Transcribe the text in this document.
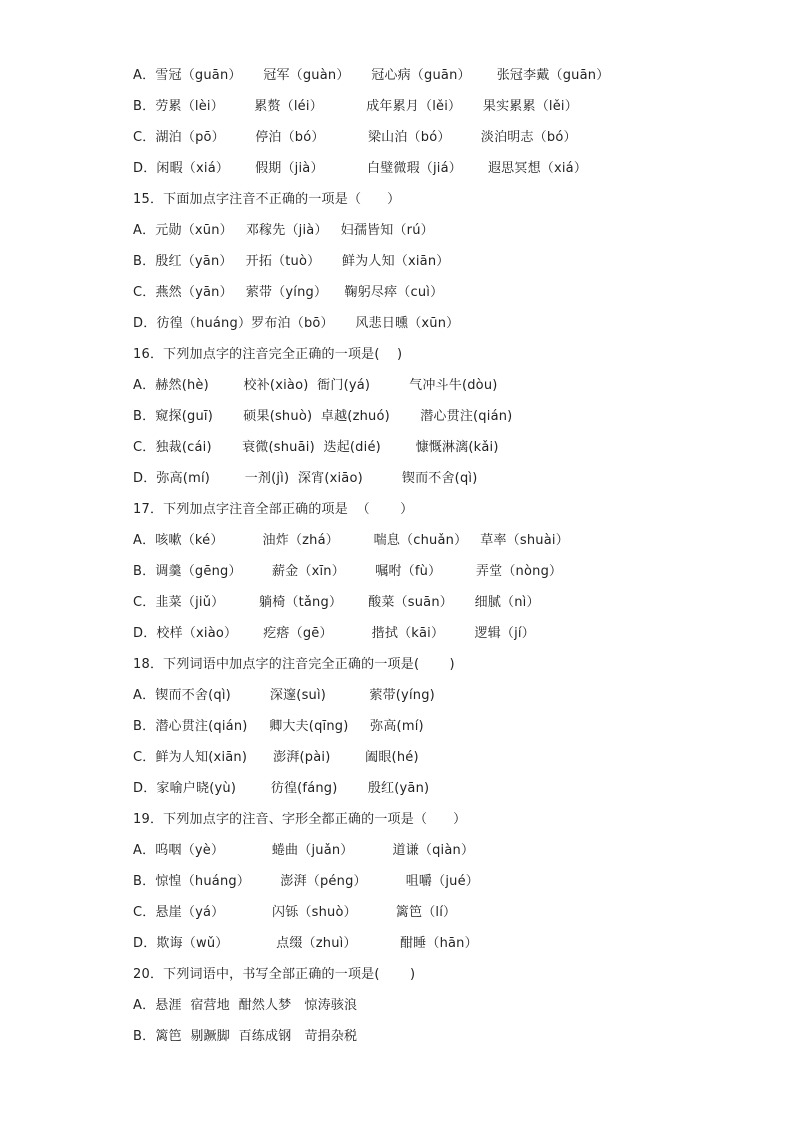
A．雪冠（guān）     冠军（guàn）     冠心病（guān）      张冠李戴（guān）
B．劳累（lèi）       累赘（léi）          成年累月（lěi）     果实累累（lěi）
C．湖泊（pō）       停泊（bó）          梁山泊（bó）       淡泊明志（bó）
D．闲暇（xiá）      假期（jià）          白璧微瑕（jiá）      遐思冥想（xiá）
15．下面加点字注音不正确的一项是（      ）
A．元勋（xūn）   邓稼先（jià）   妇孺皆知（rú）
B．殷红（yān）   开拓（tuò）     鲜为人知（xiān）
C．燕然（yān）   萦带（yíng）    鞠躬尽瘁（cuì）
D．彷徨（huáng）罗布泊（bō）     风悲日曛（xūn）
16．下列加点字的注音完全正确的一项是(    )
A．赫然(hè)        校补(xiào)  衙门(yá)         气冲斗牛(dòu)
B．窥探(guī)       硕果(shuò)  卓越(zhuó)       潜心贯注(qián)
C．独裁(cái)       衰微(shuāi)  迭起(dié)        慷慨淋漓(kǎi)
D．弥高(mí)        一剂(jì)  深宵(xiāo)         锲而不舍(qì)
17．下列加点字注音全部正确的项是  （       ）
A．咳嗽（ké）         油炸（zhá）        喘息（chuǎn）   草率（shuài）
B．调羹（gēng）       薪金（xīn）       嘱咐（fù）        弄堂（nòng）
C．韭菜（jiǔ）        躺椅（tǎng）      酸菜（suān）     细腻（nì）
D．校样（xiào）      疙瘩（gē）         揩拭（kāi）       逻辑（jí）
18．下列词语中加点字的注音完全正确的一项是(       )
A．锲而不舍(qì)         深邃(suì)          萦带(yíng)
B．潜心贯注(qián)     卿大夫(qīng)     弥高(mí)
C．鲜为人知(xiān)      澎湃(pài)        阖眼(hé)
D．家喻户晓(yù)        彷徨(fáng)       殷红(yān)
19．下列加点字的注音、字形全都正确的一项是（      ）
A．呜咽（yè）           蜷曲（juǎn）         道谦（qiàn）
B．惊惶（huáng）       澎湃（péng）         咀嚼（jué）
C．悬崖（yá）           闪铄（shuò）         篱笆（lí）
D．欺诲（wǔ）           点缀（zhuì）          酣睡（hān）
20．下列词语中，书写全部正确的一项是(       )
A．悬涯  宿营地  酣然人梦   惊涛骇浪
B．篱笆  剔蹶脚  百练成钢   苛捐杂税
